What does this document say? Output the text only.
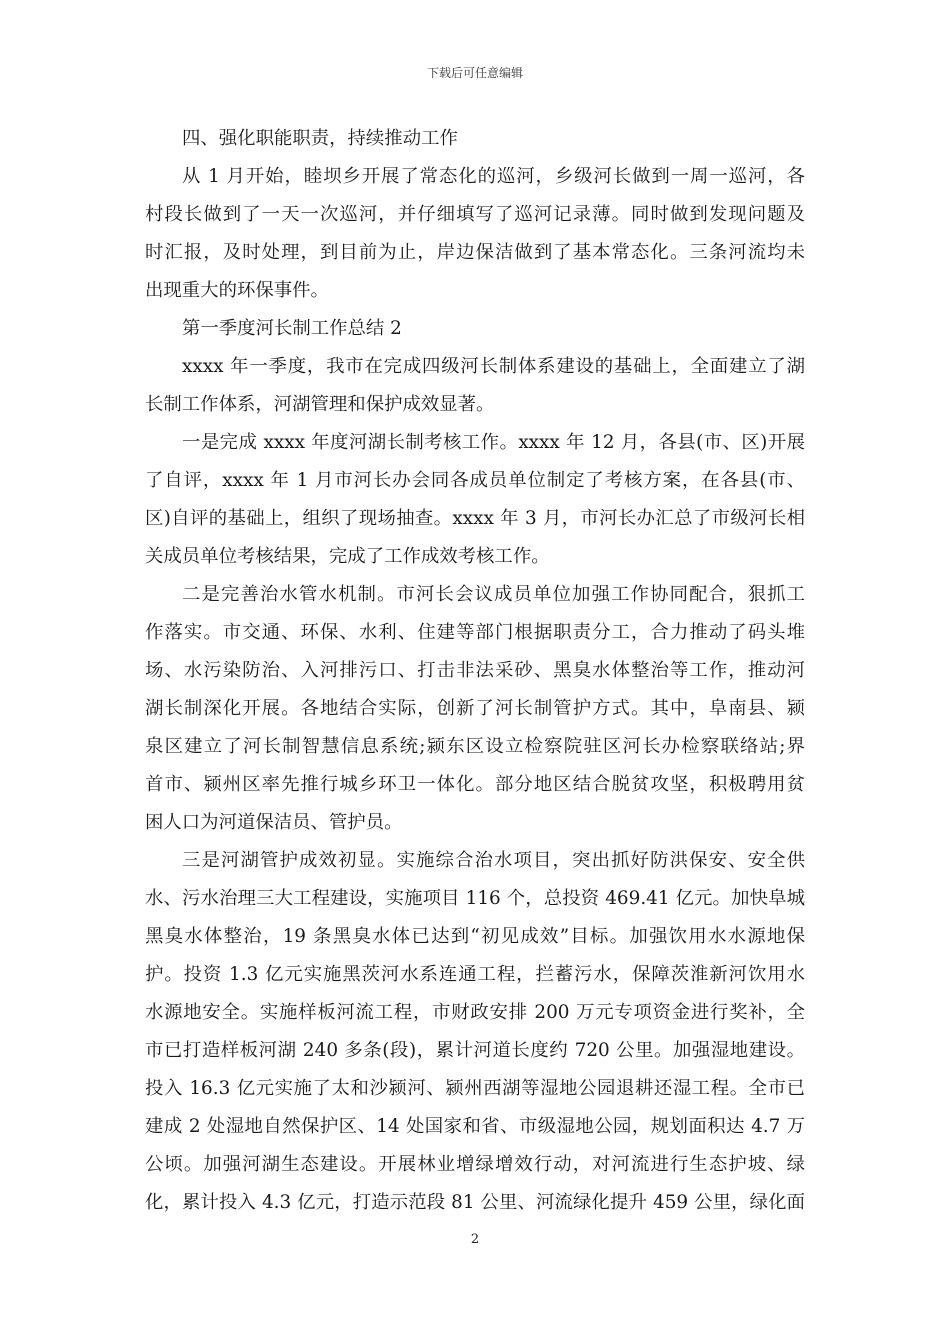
下载后可任意编辑
四、强化职能职责，持续推动工作
从 1 月开始，睦坝乡开展了常态化的巡河，乡级河长做到一周一巡河，各
村段长做到了一天一次巡河，并仔细填写了巡河记录薄。同时做到发现问题及
时汇报，及时处理，到目前为止，岸边保洁做到了基本常态化。三条河流均未
出现重大的环保事件。
第一季度河长制工作总结 2
xxxx 年一季度，我市在完成四级河长制体系建设的基础上，全面建立了湖
长制工作体系，河湖管理和保护成效显著。
一是完成 xxxx 年度河湖长制考核工作。xxxx 年 12 月，各县(市、区)开展
了自评，xxxx 年 1 月市河长办会同各成员单位制定了考核方案，在各县(市、
区)自评的基础上，组织了现场抽查。xxxx 年 3 月，市河长办汇总了市级河长相
关成员单位考核结果，完成了工作成效考核工作。
二是完善治水管水机制。市河长会议成员单位加强工作协同配合，狠抓工
作落实。市交通、环保、水利、住建等部门根据职责分工，合力推动了码头堆
场、水污染防治、入河排污口、打击非法采砂、黑臭水体整治等工作，推动河
湖长制深化开展。各地结合实际，创新了河长制管护方式。其中，阜南县、颍
泉区建立了河长制智慧信息系统;颍东区设立检察院驻区河长办检察联络站;界
首市、颍州区率先推行城乡环卫一体化。部分地区结合脱贫攻坚，积极聘用贫
困人口为河道保洁员、管护员。
三是河湖管护成效初显。实施综合治水项目，突出抓好防洪保安、安全供
水、污水治理三大工程建设，实施项目 116 个，总投资 469.41 亿元。加快阜城
黑臭水体整治，19 条黑臭水体已达到“初见成效”目标。加强饮用水水源地保
护。投资 1.3 亿元实施黑茨河水系连通工程，拦蓄污水，保障茨淮新河饮用水
水源地安全。实施样板河流工程，市财政安排 200 万元专项资金进行奖补，全
市已打造样板河湖 240 多条(段)，累计河道长度约 720 公里。加强湿地建设。
投入 16.3 亿元实施了太和沙颍河、颍州西湖等湿地公园退耕还湿工程。全市已
建成 2 处湿地自然保护区、14 处国家和省、市级湿地公园，规划面积达 4.7 万
公顷。加强河湖生态建设。开展林业增绿增效行动，对河流进行生态护坡、绿
化，累计投入 4.3 亿元，打造示范段 81 公里、河流绿化提升 459 公里，绿化面
2
